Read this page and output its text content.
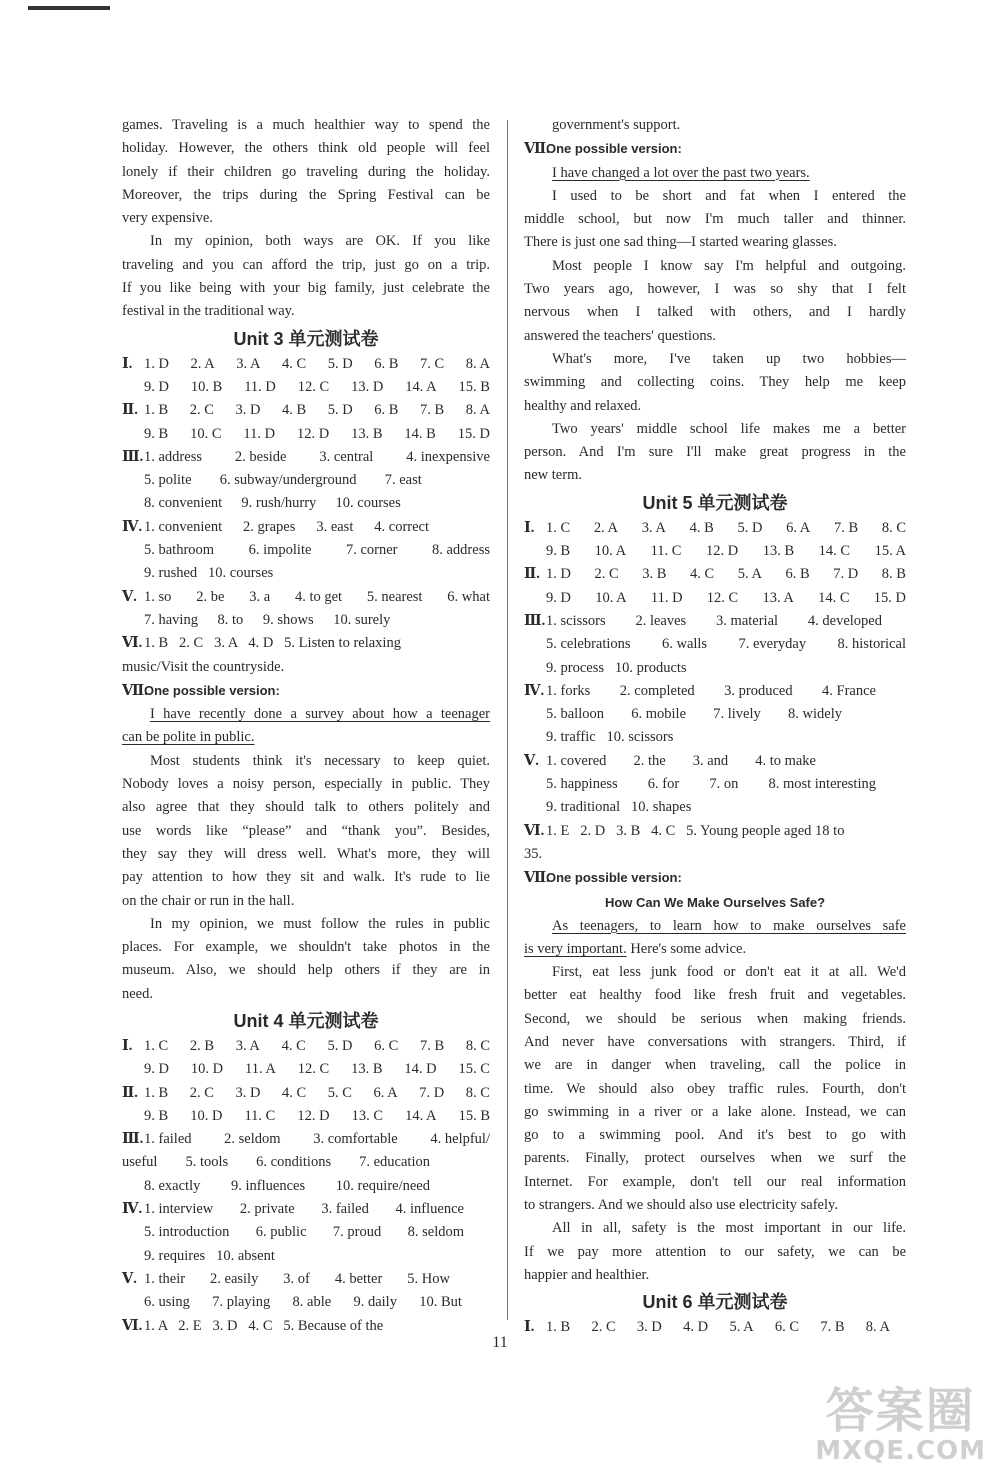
games. Traveling is a much healthier way to spend the
holiday. However, the others think old people will feel
lonely if their children go traveling during the holiday.
Moreover, the trips during the Spring Festival can be
very expensive.
In my opinion, both ways are OK. If you like
traveling and you can afford the trip, just go on a trip.
If you like being with your big family, just celebrate the
festival in the traditional way.
Unit 3 单元测试卷
Ⅰ. 1. D 2. A 3. A 4. C 5. D 6. B 7. C 8. A
9. D 10. B 11. D 12. C 13. D 14. A 15. B
Ⅱ. 1. B 2. C 3. D 4. B 5. D 6. B 7. B 8. A
9. B 10. C 11. D 12. D 13. B 14. B 15. D
Ⅲ. 1. address 2. beside 3. central 4. inexpensive
5. polite 6. subway/underground 7. east
8. convenient 9. rush/hurry 10. courses
Ⅳ. 1. convenient 2. grapes 3. east 4. correct
5. bathroom 6. impolite 7. corner 8. address
9. rushed
10. courses
Ⅴ. 1. so 2. be 3. a 4. to get 5. nearest 6. what
7. having 8. to 9. shows 10. surely
Ⅵ. 1. B   2. C   3. A   4. D   5. Listen to relaxing
music/Visit the countryside.
Ⅶ.
One possible version:
I have recently done a survey about how a teenager
can be polite in public.
Most students think it's necessary to keep quiet.
Nobody loves a noisy person, especially in public. They
also agree that they should talk to others politely and
use words like “please” and “thank you”. Besides,
they say they will dress well. What's more, they will
pay attention to how they sit and walk. It's rude to lie
on the chair or run in the hall.
In my opinion, we must follow the rules in public
places. For example, we shouldn't take photos in the
museum. Also, we should help others if they are in
need.
Unit 4 单元测试卷
Ⅰ. 1. C 2. B 3. A 4. C 5. D 6. C 7. B 8. C
9. D 10. D 11. A 12. C 13. B 14. D 15. C
Ⅱ. 1. B 2. C 3. D 4. C 5. C 6. A 7. D 8. C
9. B 10. D 11. C 12. D 13. C 14. A 15. B
Ⅲ. 1. failed 2. seldom 3. comfortable 4. helpful/
useful 5. tools 6. conditions 7. education
8. exactly 9. influences 10. require/need
Ⅳ. 1. interview 2. private 3. failed 4. influence
5. introduction 6. public 7. proud 8. seldom
9. requires
10. absent
Ⅴ. 1. their 2. easily 3. of 4. better 5. How
6. using 7. playing 8. able 9. daily 10. But
Ⅵ. 1. A   2. E   3. D   4. C   5. Because of the
government's support.
Ⅶ.
One possible version:
I have changed a lot over the past two years.
I used to be short and fat when I entered the
middle school, but now I'm much taller and thinner.
There is just one sad thing—I started wearing glasses.
Most people I know say I'm helpful and outgoing.
Two years ago, however, I was so shy that I felt
nervous when I talked with others, and I hardly
answered the teachers' questions.
What's more, I've taken up two hobbies—
swimming and collecting coins. They help me keep
healthy and relaxed.
Two years' middle school life makes me a better
person. And I'm sure I'll make great progress in the
new term.
Unit 5 单元测试卷
Ⅰ. 1. C 2. A 3. A 4. B 5. D 6. A 7. B 8. C
9. B 10. A 11. C 12. D 13. B 14. C 15. A
Ⅱ. 1. D 2. C 3. B 4. C 5. A 6. B 7. D 8. B
9. D 10. A 11. D 12. C 13. A 14. C 15. D
Ⅲ. 1. scissors 2. leaves 3. material 4. developed
5. celebrations 6. walls 7. everyday 8. historical
9. process
10. products
Ⅳ. 1. forks 2. completed 3. produced 4. France
5. balloon 6. mobile 7. lively 8. widely
9. traffic
10. scissors
Ⅴ. 1. covered 2. the 3. and 4. to make
5. happiness 6. for 7. on 8. most interesting
9. traditional
10. shapes
Ⅵ. 1. E   2. D   3. B   4. C   5. Young people aged 18 to
35.
Ⅶ.
One possible version:
How Can We Make Ourselves Safe?
As teenagers, to learn how to make ourselves safe
is very important. Here's some advice.
First, eat less junk food or don't eat it at all. We'd
better eat healthy food like fresh fruit and vegetables.
Second, we should be serious when making friends.
And never have conversations with strangers. Third, if
we are in danger when traveling, call the police in
time. We should also obey traffic rules. Fourth, don't
go swimming in a river or a lake alone. Instead, we can
go to a swimming pool. And it's best to go with
parents. Finally, protect ourselves when we surf the
Internet. For example, don't tell our real information
to strangers. And we should also use electricity safely.
All in all, safety is the most important in our life.
If we pay more attention to our safety, we can be
happier and healthier.
Unit 6 单元测试卷
Ⅰ. 1. B 2. C 3. D 4. D 5. A 6. C 7. B 8. A
11
答案圈
MXQE.COM
